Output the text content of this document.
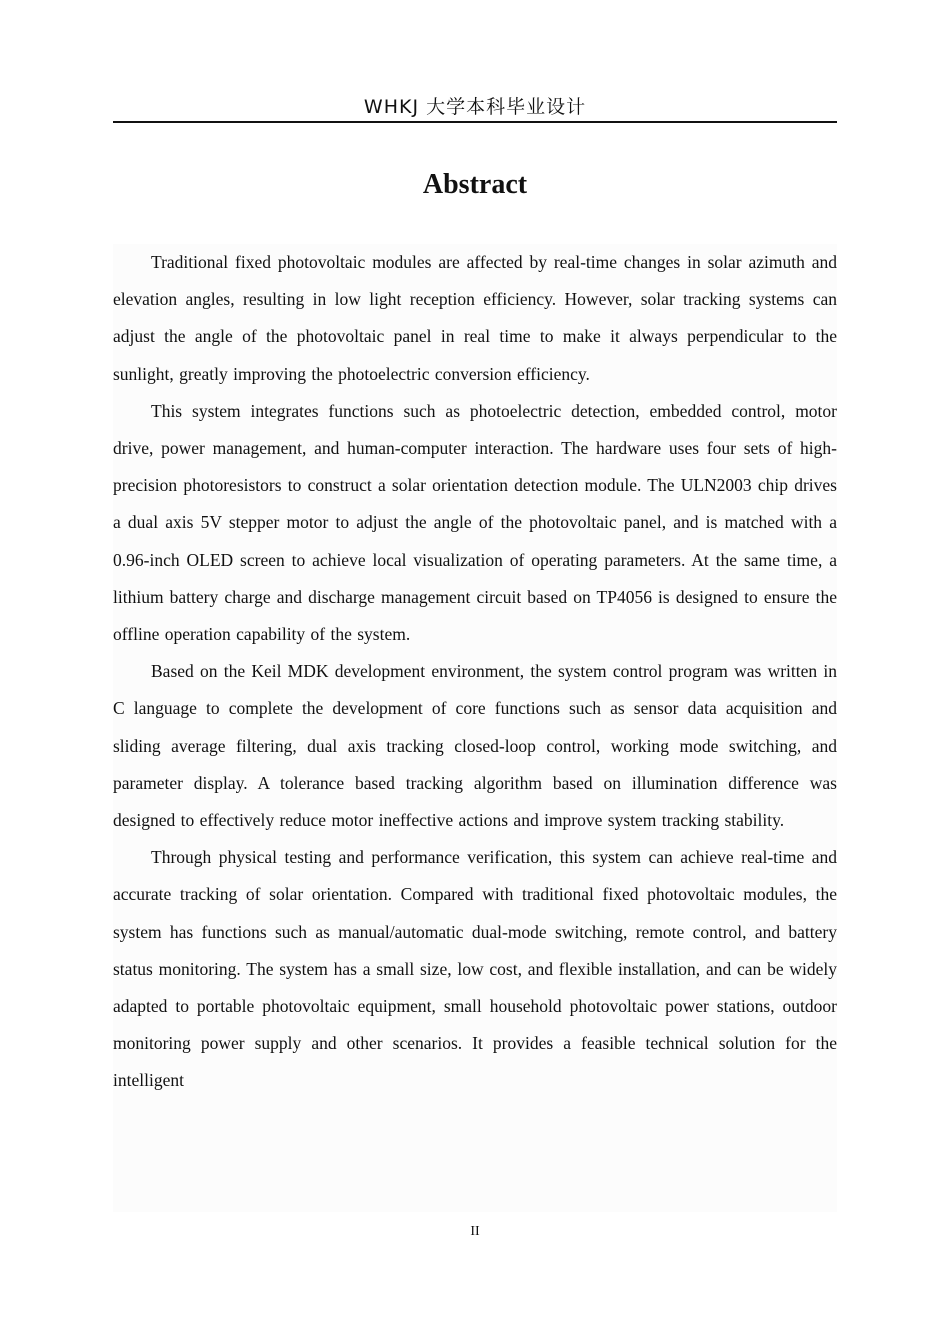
WHKJ 大学本科毕业设计
Abstract

Traditional fixed photovoltaic modules are affected by real-time changes in solar azimuth and elevation angles, resulting in low light reception efficiency. However, solar tracking systems can adjust the angle of the photovoltaic panel in real time to make it always perpendicular to the sunlight, greatly improving the photoelectric conversion efficiency.

This system integrates functions such as photoelectric detection, embedded control, motor drive, power management, and human-computer interaction. The hardware uses four sets of high-precision photoresistors to construct a solar orientation detection module. The ULN2003 chip drives a dual axis 5V stepper motor to adjust the angle of the photovoltaic panel, and is matched with a 0.96-inch OLED screen to achieve local visualization of operating parameters. At the same time, a lithium battery charge and discharge management circuit based on TP4056 is designed to ensure the offline operation capability of the system.

Based on the Keil MDK development environment, the system control program was written in C language to complete the development of core functions such as sensor data acquisition and sliding average filtering, dual axis tracking closed-loop control, working mode switching, and parameter display. A tolerance based tracking algorithm based on illumination difference was designed to effectively reduce motor ineffective actions and improve system tracking stability.

Through physical testing and performance verification, this system can achieve real-time and accurate tracking of solar orientation. Compared with traditional fixed photovoltaic modules, the system has functions such as manual/automatic dual-mode switching, remote control, and battery status monitoring. The system has a small size, low cost, and flexible installation, and can be widely adapted to portable photovoltaic equipment, small household photovoltaic power stations, outdoor monitoring power supply and other scenarios. It provides a feasible technical solution for the intelligent

II
